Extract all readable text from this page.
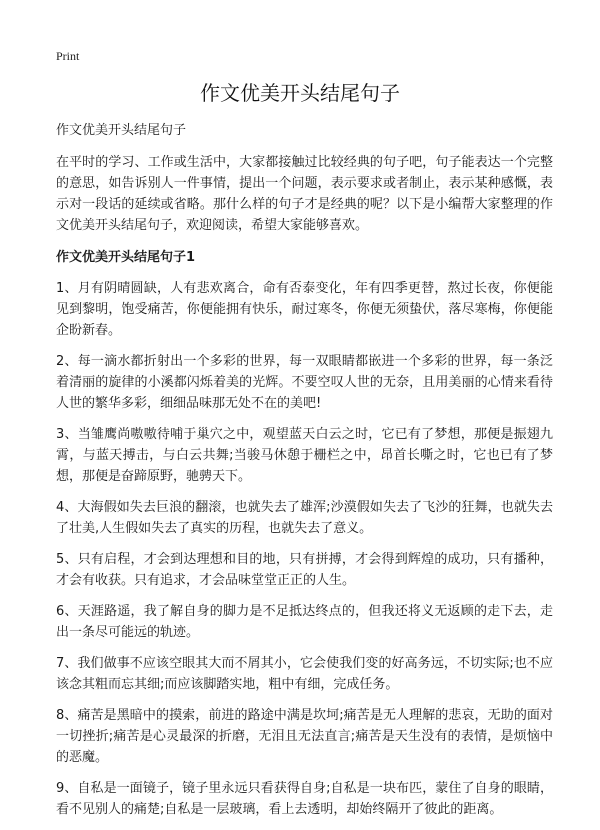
Print
作文优美开头结尾句子

作文优美开头结尾句子

在平时的学习、工作或生活中，大家都接触过比较经典的句子吧，句子能表达一个完整的意思，如告诉别人一件事情，提出一个问题，表示要求或者制止，表示某种感慨，表示对一段话的延续或省略。那什么样的句子才是经典的呢？以下是小编帮大家整理的作文优美开头结尾句子，欢迎阅读，希望大家能够喜欢。

作文优美开头结尾句子1

1、月有阴晴圆缺，人有悲欢离合，命有否泰变化，年有四季更替，熬过长夜，你便能见到黎明，饱受痛苦，你便能拥有快乐，耐过寒冬，你便无须蛰伏，落尽寒梅，你便能企盼新春。

2、每一滴水都折射出一个多彩的世界，每一双眼睛都嵌进一个多彩的世界，每一条泛着清丽的旋律的小溪都闪烁着美的光辉。不要空叹人世的无奈，且用美丽的心情来看待人世的繁华多彩，细细品味那无处不在的美吧!

3、当雏鹰尚嗷嗷待哺于巢穴之中，观望蓝天白云之时，它已有了梦想，那便是振翅九霄，与蓝天搏击，与白云共舞;当骏马休憩于栅栏之中，昂首长嘶之时，它也已有了梦想，那便是奋蹄原野，驰骋天下。

4、大海假如失去巨浪的翻滚，也就失去了雄浑;沙漠假如失去了飞沙的狂舞，也就失去了壮美,人生假如失去了真实的历程，也就失去了意义。

5、只有启程，才会到达理想和目的地，只有拼搏，才会得到辉煌的成功，只有播种，才会有收获。只有追求，才会品味堂堂正正的人生。

6、天涯路遥，我了解自身的脚力是不足抵达终点的，但我还将义无返顾的走下去，走出一条尽可能远的轨迹。

7、我们做事不应该空眼其大而不屑其小，它会使我们变的好高务远，不切实际;也不应该念其粗而忘其细;而应该脚踏实地，粗中有细，完成任务。

8、痛苦是黑暗中的摸索，前进的路途中满是坎坷;痛苦是无人理解的悲哀，无助的面对一切挫折;痛苦是心灵最深的折磨，无泪且无法直言;痛苦是天生没有的表情，是烦恼中的恶魔。

9、自私是一面镜子，镜子里永远只看获得自身;自私是一块布匹，蒙住了自身的眼睛，看不见别人的痛楚;自私是一层玻璃，看上去透明，却始终隔开了彼此的距离。
